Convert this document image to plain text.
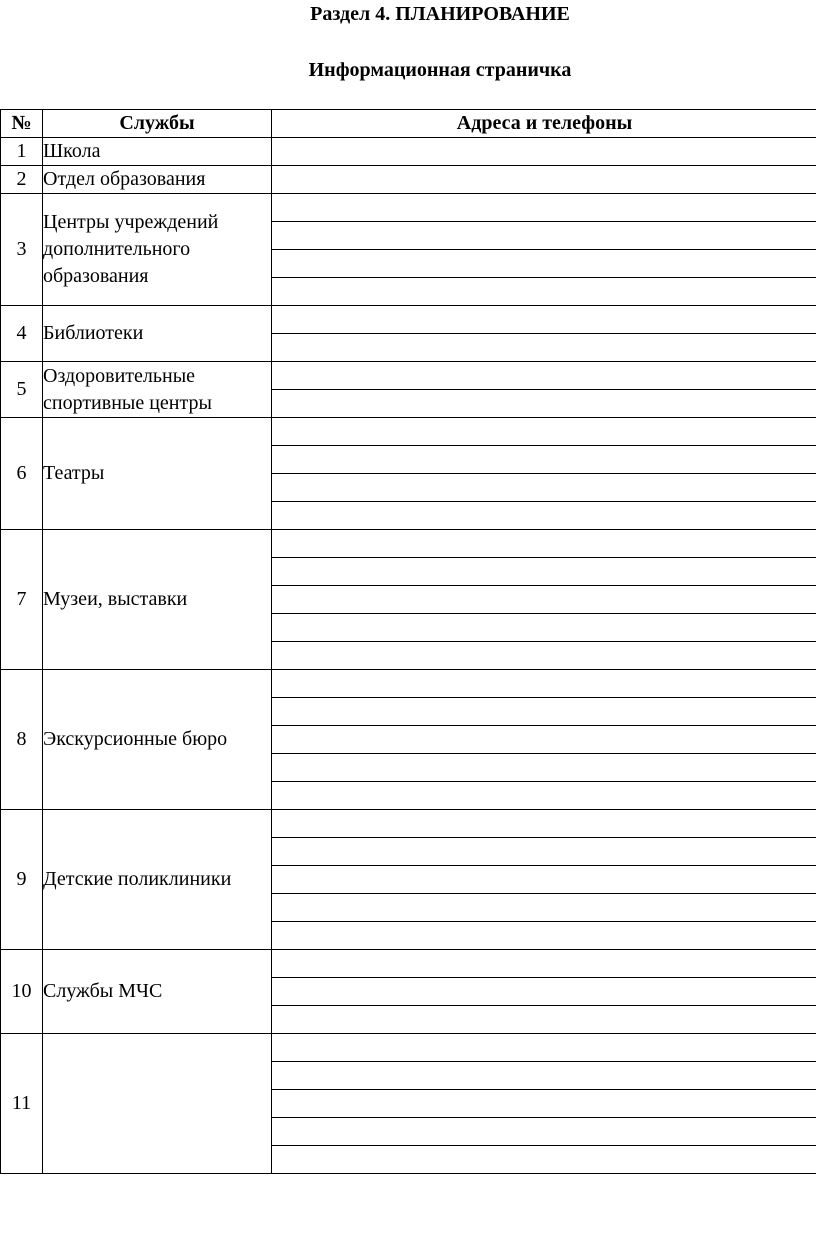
Раздел 4. ПЛАНИРОВАНИЕ
Информационная страничка
№	Службы	Адреса и телефоны
1	Школа	
2	Отдел образования	
3	Центры учреждений дополнительного образования	

4	Библиотеки	

5	Оздоровительные спортивные центры	

6	Театры	

7	Музеи, выставки	

8	Экскурсионные бюро	

9	Детские поликлиники	

10	Службы МЧС	

11		
